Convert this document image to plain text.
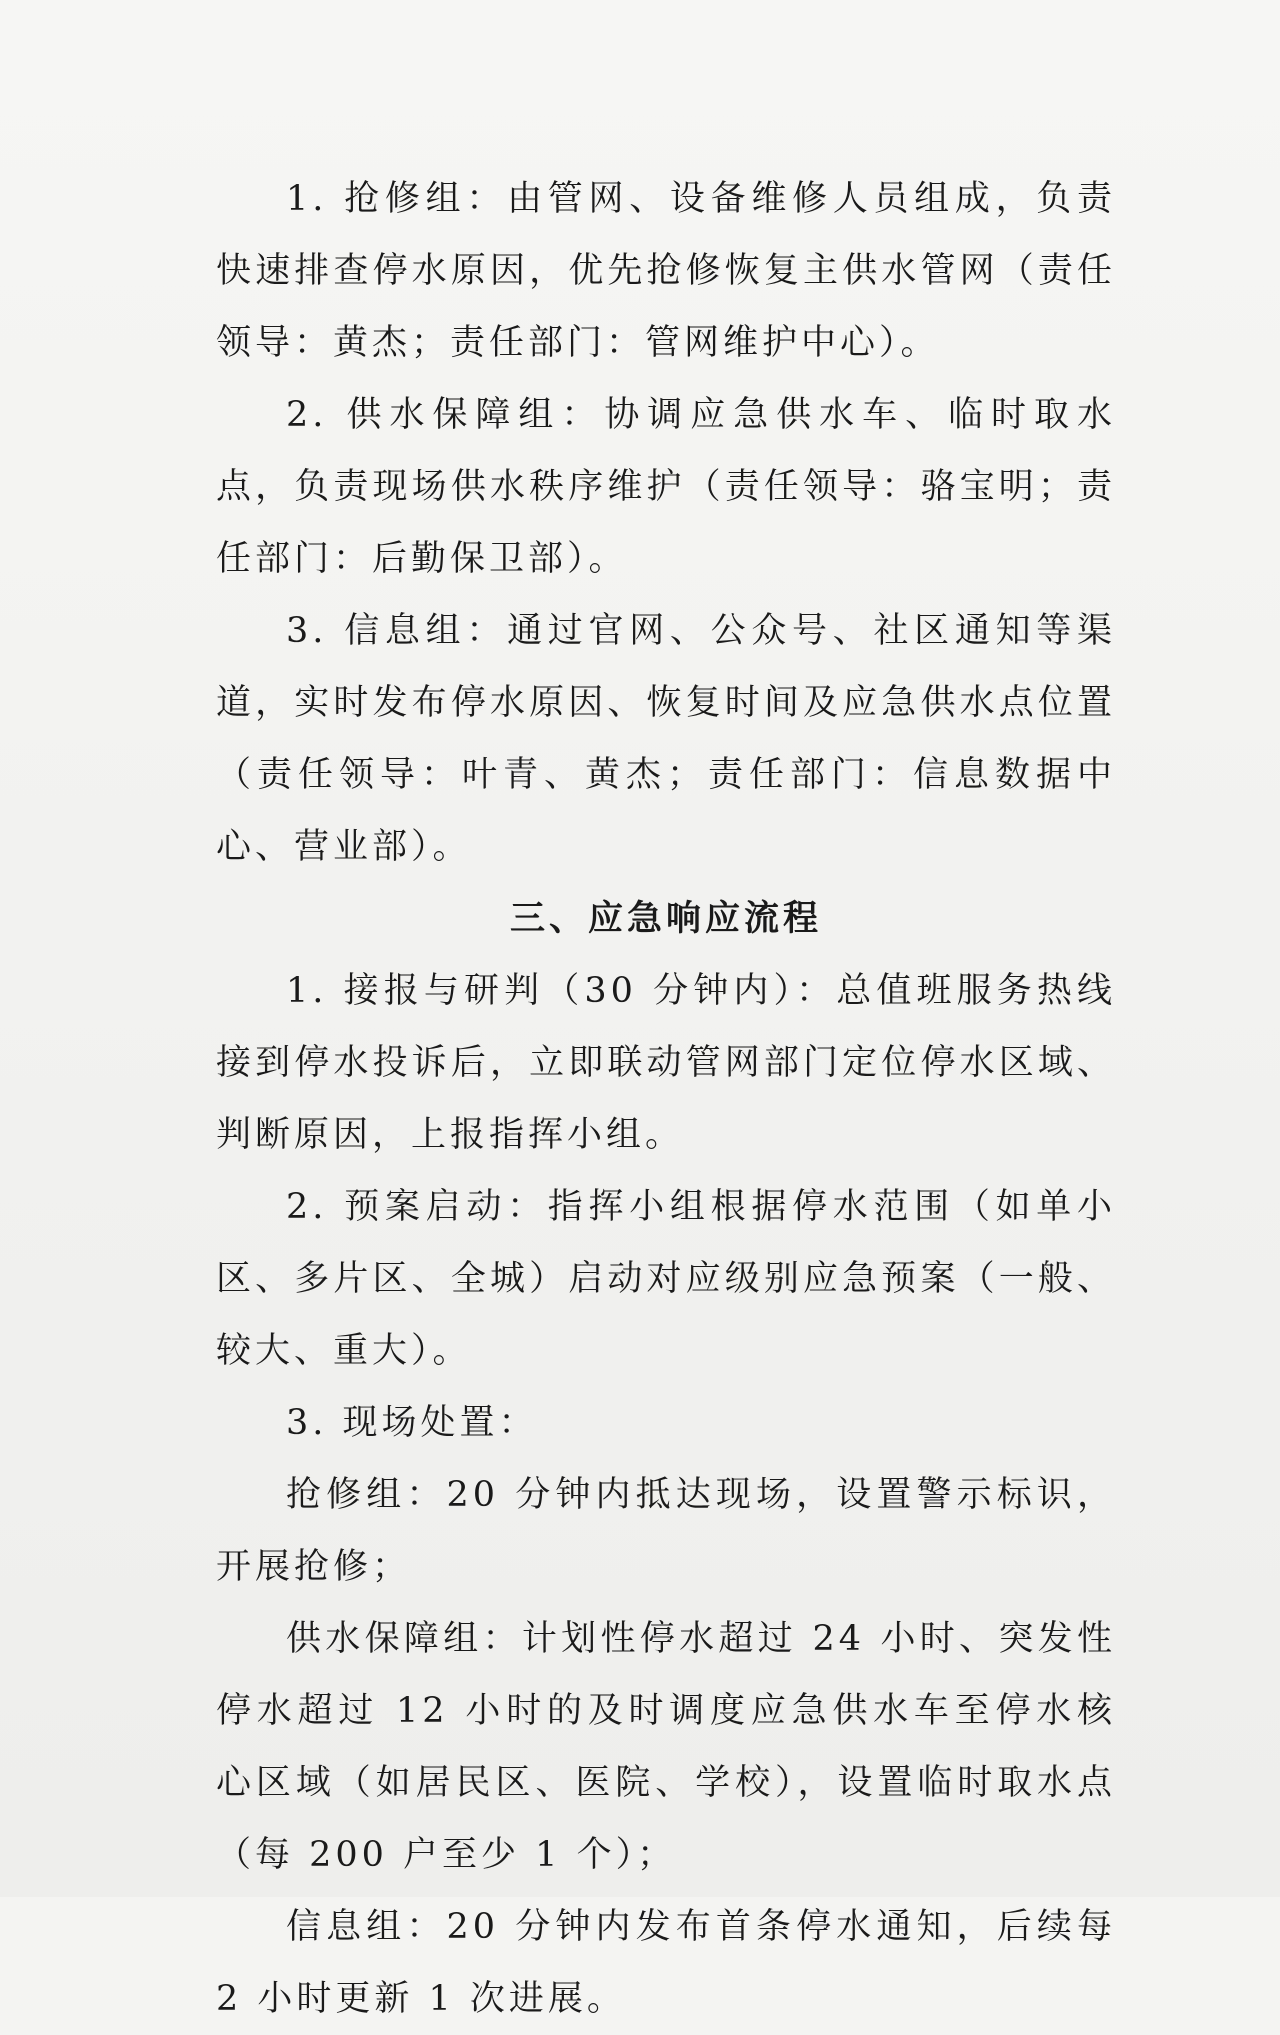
1. 抢修组：由管网、设备维修人员组成，负责快速排查停水原因，优先抢修恢复主供水管网（责任领导：黄杰；责任部门：管网维护中心）。

2. 供水保障组：协调应急供水车、临时取水点，负责现场供水秩序维护（责任领导：骆宝明；责任部门：后勤保卫部）。

3. 信息组：通过官网、公众号、社区通知等渠道，实时发布停水原因、恢复时间及应急供水点位置（责任领导：叶青、黄杰；责任部门：信息数据中心、营业部）。

三、应急响应流程

1. 接报与研判（30 分钟内）：总值班服务热线接到停水投诉后，立即联动管网部门定位停水区域、判断原因，上报指挥小组。

2. 预案启动：指挥小组根据停水范围（如单小区、多片区、全城）启动对应级别应急预案（一般、较大、重大）。

3. 现场处置：

抢修组：20 分钟内抵达现场，设置警示标识，开展抢修；

供水保障组：计划性停水超过 24 小时、突发性停水超过 12 小时的及时调度应急供水车至停水核心区域（如居民区、医院、学校），设置临时取水点（每 200 户至少 1 个）；

信息组：20 分钟内发布首条停水通知，后续每 2 小时更新 1 次进展。
